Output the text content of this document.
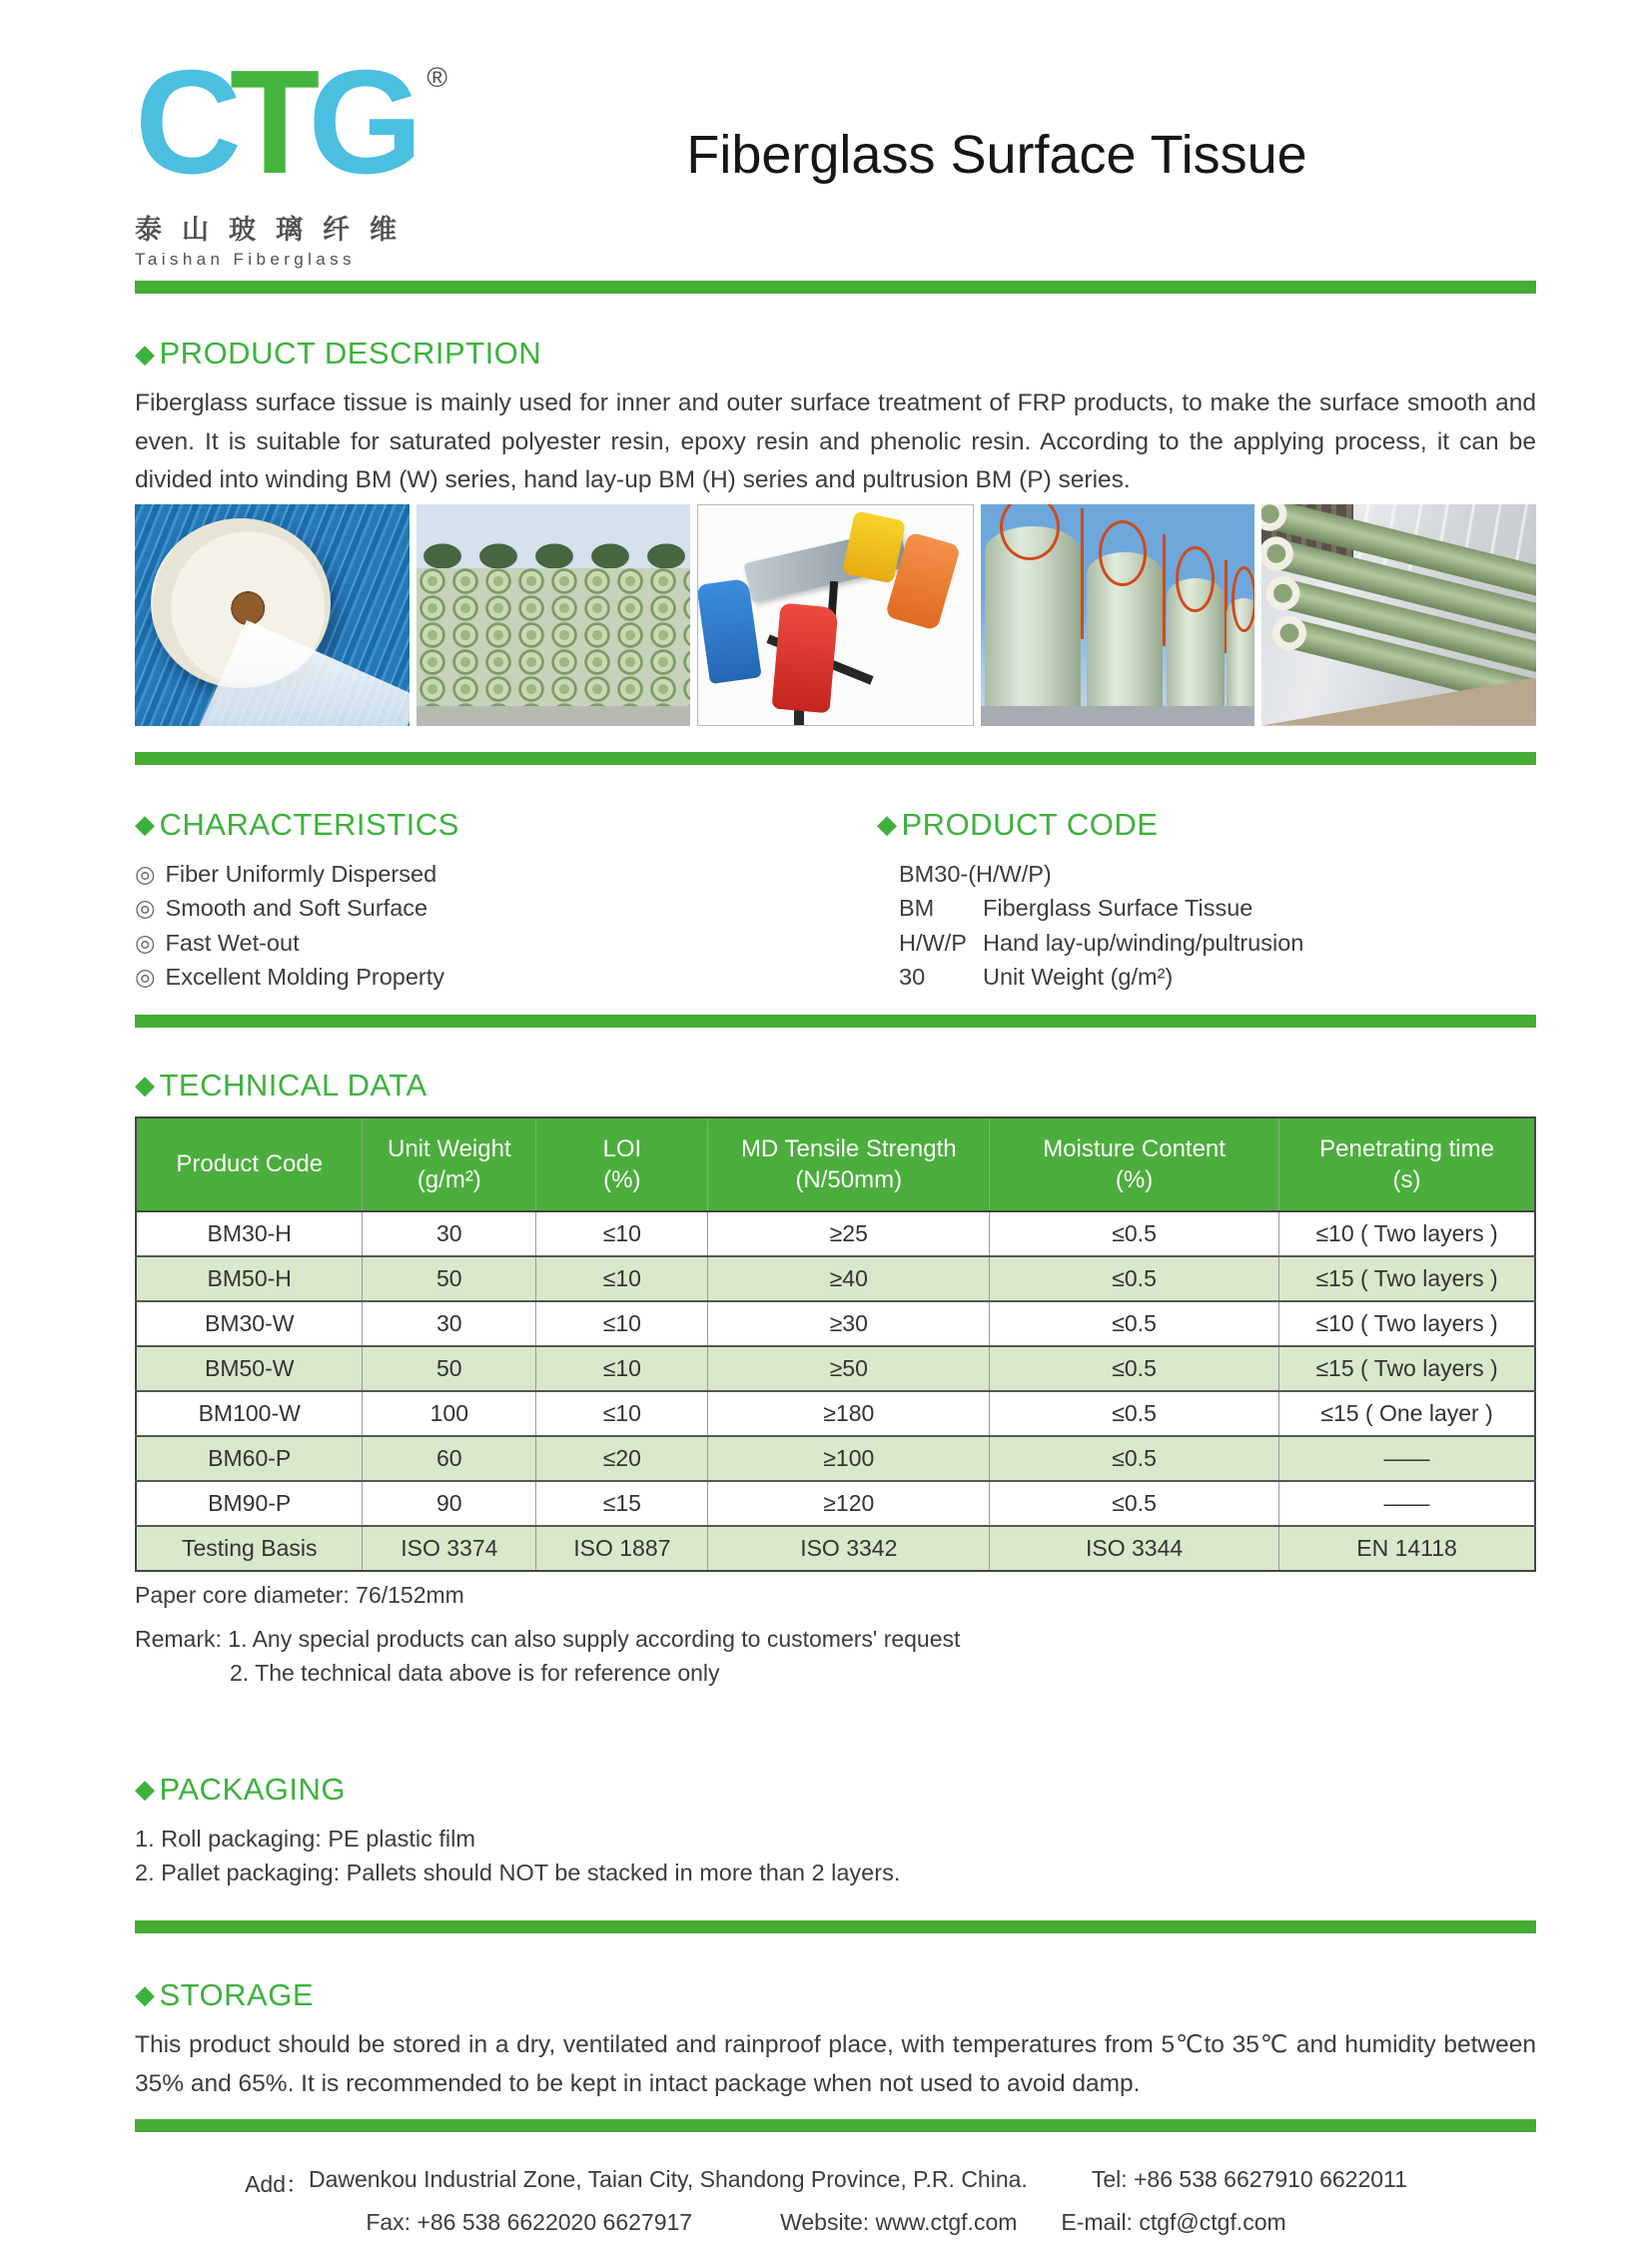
CTG ®
泰 山 玻 璃 纤 维
Taishan Fiberglass
Fiberglass Surface Tissue
◆ PRODUCT DESCRIPTION
Fiberglass surface tissue is mainly used for inner and outer surface treatment of FRP products, to make the surface smooth and even. It is suitable for saturated polyester resin, epoxy resin and phenolic resin. According to the applying process, it can be divided into winding BM (W) series, hand lay-up BM (H) series and pultrusion BM (P) series.
◆ CHARACTERISTICS
◎ Fiber Uniformly Dispersed
◎ Smooth and Soft Surface
◎ Fast Wet-out
◎ Excellent Molding Property
◆ PRODUCT CODE
BM30-(H/W/P)
BM	Fiberglass Surface Tissue
H/W/P Hand lay-up/winding/pultrusion
30	Unit Weight (g/m²)
◆ TECHNICAL DATA
Product Code

Unit Weight
(g/m²)

LOI
(%)

MD Tensile Strength
(N/50mm)

Moisture Content
(%)

Penetrating time
(s)

BM30-H	30	≤10	≥25	≤0.5	≤10 ( Two layers )
BM50-H	50	≤10	≥40	≤0.5	≤15 ( Two layers )
BM30-W	30	≤10	≥30	≤0.5	≤10 ( Two layers )
BM50-W	50	≤10	≥50	≤0.5	≤15 ( Two layers )
BM100-W	100	≤10	≥180	≤0.5	≤15 ( One layer )
BM60-P	60	≤20	≥100	≤0.5	——
BM90-P	90	≤15	≥120	≤0.5	——
Testing Basis	ISO 3374	ISO 1887	ISO 3342	ISO 3344	EN 14118
Paper core diameter: 76/152mm
Remark: 1. Any special products can also supply according to customers' request
2. The technical data above is for reference only
◆ PACKAGING
1. Roll packaging: PE plastic film
2. Pallet packaging: Pallets should NOT be stacked in more than 2 layers.
◆ STORAGE
This product should be stored in a dry, ventilated and rainproof place, with temperatures from 5℃to 35℃ and humidity between 35% and 65%. It is recommended to be kept in intact package when not used to avoid damp.
Add： Dawenkou Industrial Zone, Taian City, Shandong Province, P.R. China.	Tel: +86 538 6627910 6622011
Fax: +86 538 6622020 6627917	Website: www.ctgf.com E-mail: ctgf@ctgf.com
